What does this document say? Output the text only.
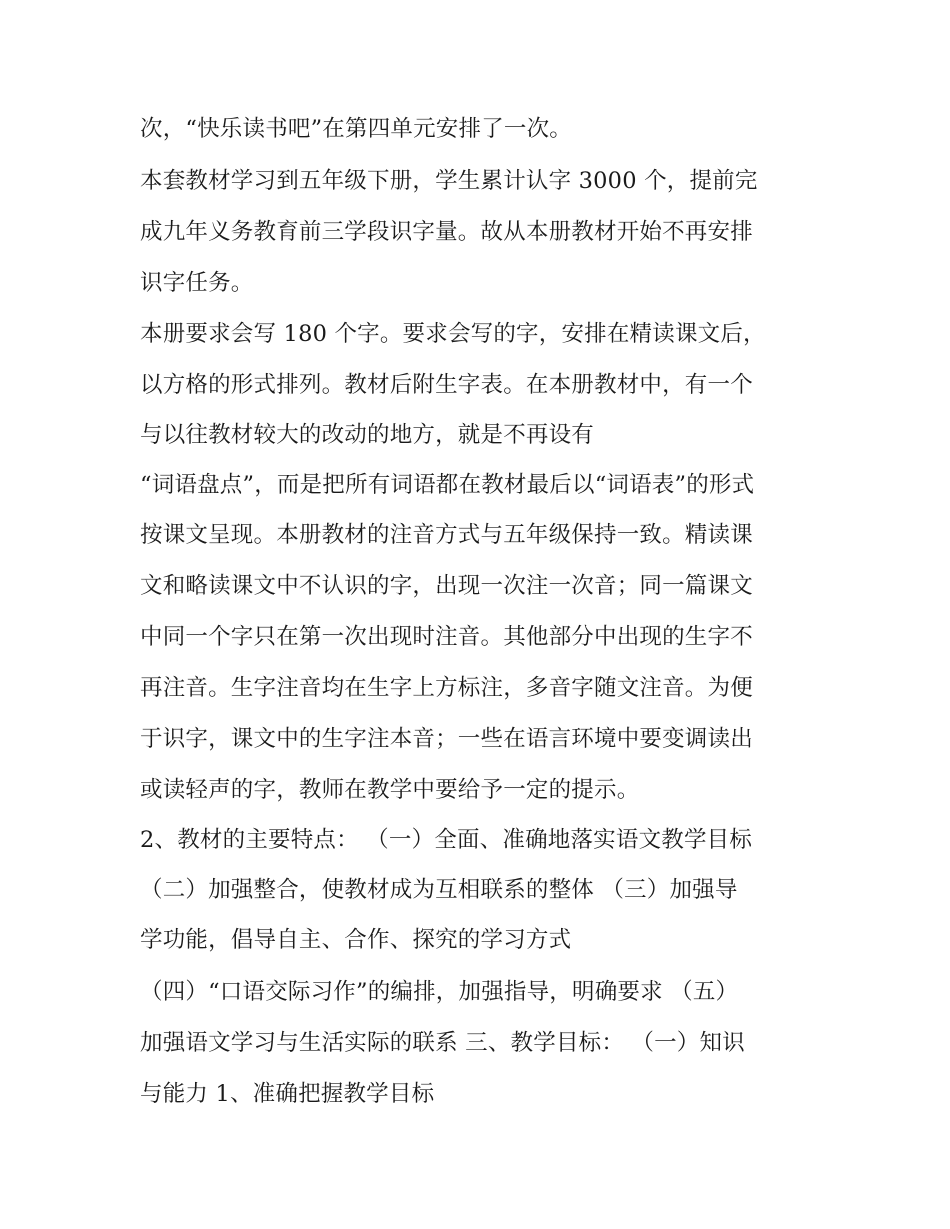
次，“快乐读书吧”在第四单元安排了一次。
本套教材学习到五年级下册，学生累计认字 3000 个，提前完
成九年义务教育前三学段识字量。故从本册教材开始不再安排
识字任务。
本册要求会写 180 个字。要求会写的字，安排在精读课文后，
以方格的形式排列。教材后附生字表。在本册教材中，有一个
与以往教材较大的改动的地方，就是不再设有
“词语盘点”，而是把所有词语都在教材最后以“词语表”的形式
按课文呈现。本册教材的注音方式与五年级保持一致。精读课
文和略读课文中不认识的字，出现一次注一次音；同一篇课文
中同一个字只在第一次出现时注音。其他部分中出现的生字不
再注音。生字注音均在生字上方标注，多音字随文注音。为便
于识字，课文中的生字注本音；一些在语言环境中要变调读出
或读轻声的字，教师在教学中要给予一定的提示。
2、教材的主要特点： （一）全面、准确地落实语文教学目标
（二）加强整合，使教材成为互相联系的整体 （三）加强导
学功能，倡导自主、合作、探究的学习方式
（四）“口语交际习作”的编排，加强指导，明确要求 （五）
加强语文学习与生活实际的联系 三、教学目标： （一）知识
与能力 1、准确把握教学目标
